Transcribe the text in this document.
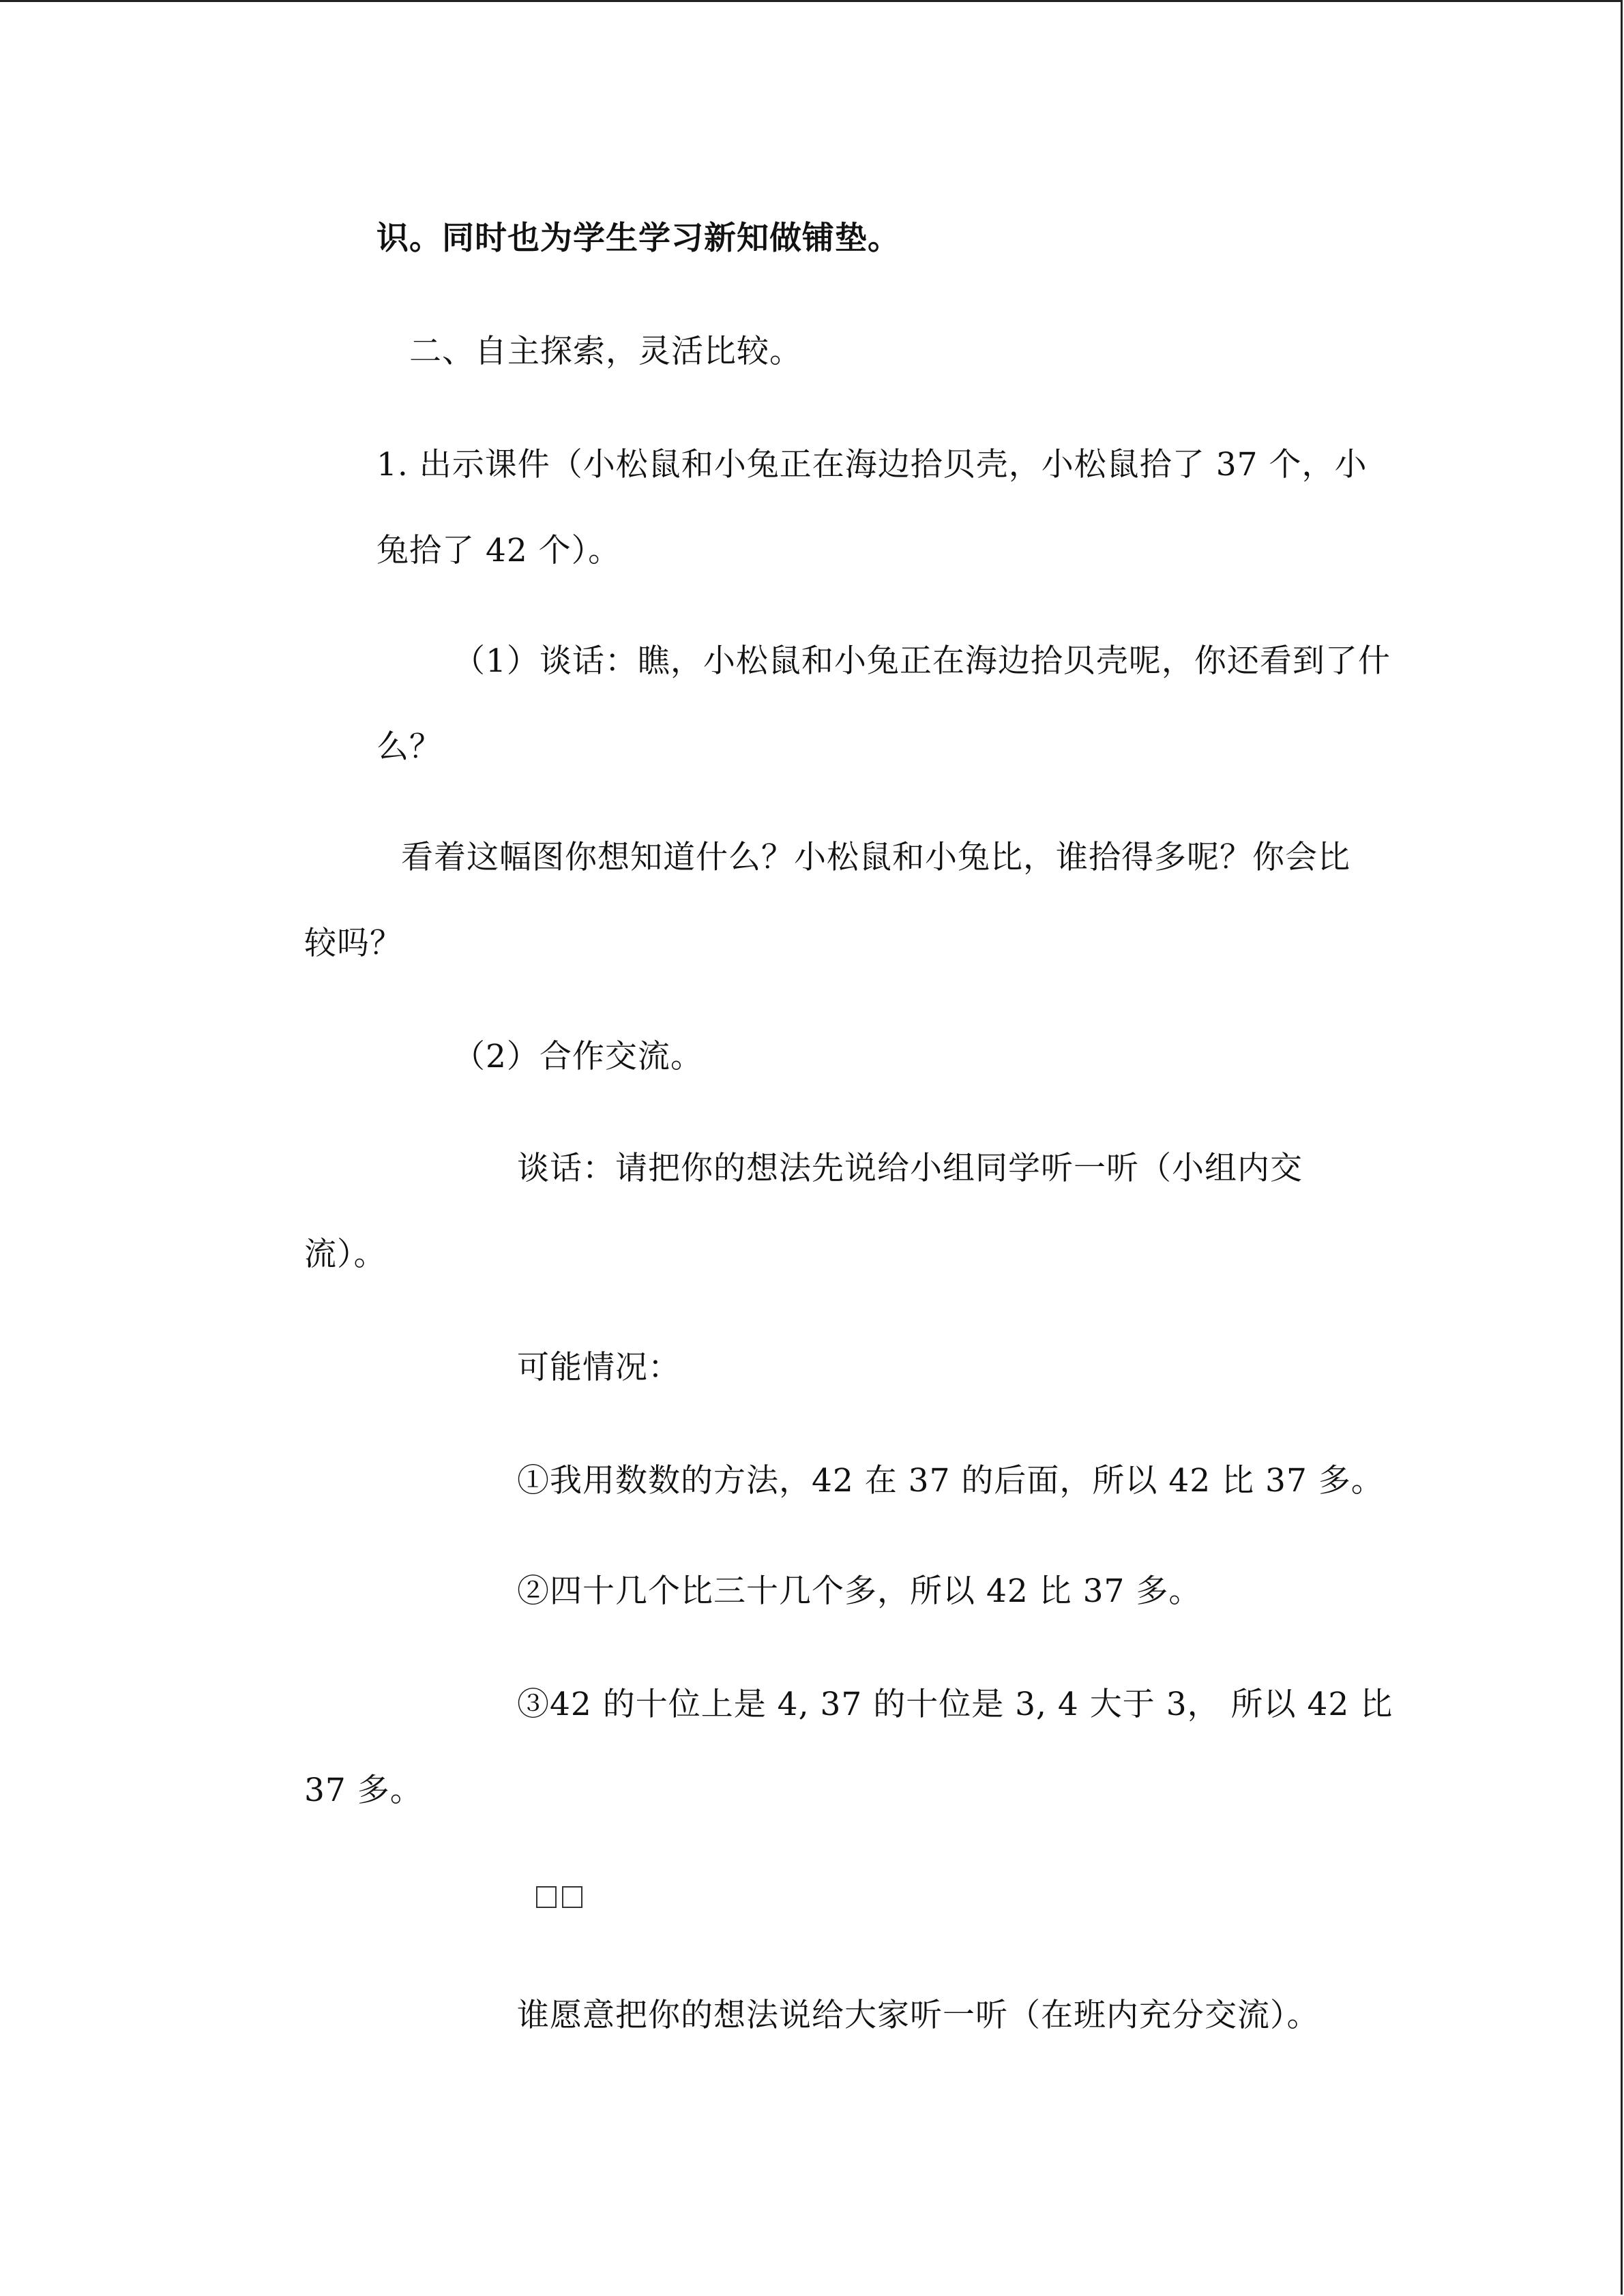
识。同时也为学生学习新知做铺垫。
二、自主探索，灵活比较。
1. 出示课件（小松鼠和小兔正在海边拾贝壳，小松鼠拾了 37 个，小
兔拾了 42 个）。
（1）谈话：瞧，小松鼠和小兔正在海边拾贝壳呢，你还看到了什
么？
看着这幅图你想知道什么？小松鼠和小兔比，谁拾得多呢？你会比
较吗？
（2）合作交流。
谈话：请把你的想法先说给小组同学听一听（小组内交
流）。
可能情况：
①我用数数的方法，42 在 37 的后面，所以 42 比 37 多。
②四十几个比三十几个多，所以 42 比 37 多。
③42 的十位上是 4, 37 的十位是 3, 4 大于 3， 所以 42 比
37 多。
谁愿意把你的想法说给大家听一听（在班内充分交流）。
